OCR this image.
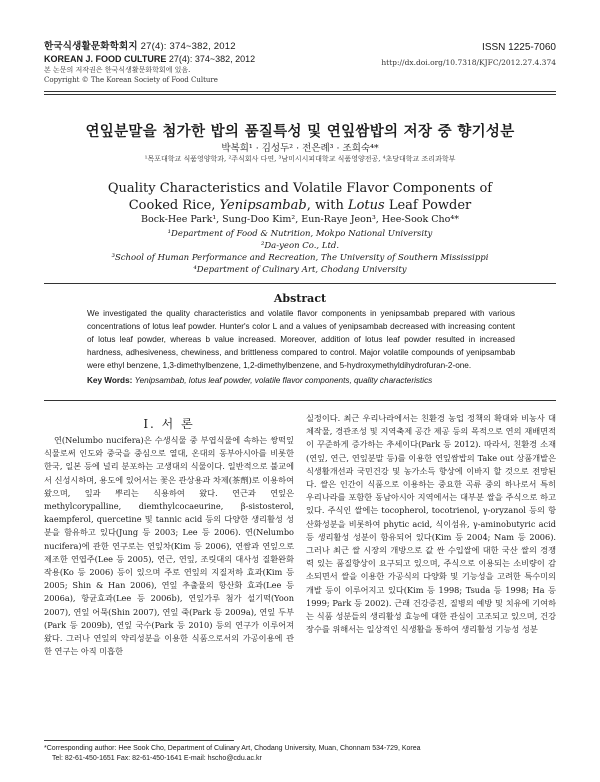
한국식생활문화학회지 27(4): 374~382, 2012
KOREAN J. FOOD CULTURE 27(4): 374~382, 2012
본 논문의 저작권은 한국식생활문화학회에 있음.
Copyright © The Korean Society of Food Culture
ISSN 1225-7060
http://dx.doi.org/10.7318/KJFC/2012.27.4.374
연잎분말을 첨가한 밥의 품질특성 및 연잎쌈밥의 저장 중 향기성분
박복희¹ · 김성두² · 전은례³ · 조희숙⁴*
¹목포대학교 식품영양학과, ²주식회사 다연, ³남미시시피대학교 식품영양전공, ⁴초당대학교 조리과학부
Quality Characteristics and Volatile Flavor Components of
Cooked Rice, Yenipsambab, with Lotus Leaf Powder
Bock-Hee Park¹, Sung-Doo Kim², Eun-Raye Jeon³, Hee-Sook Cho⁴*
¹Department of Food & Nutrition, Mokpo National University
²Da-yeon Co., Ltd.
³School of Human Performance and Recreation, The University of Southern Mississippi
⁴Department of Culinary Art, Chodang University
Abstract
We investigated the quality characteristics and volatile flavor components in yenipsambab prepared with various concentrations of lotus leaf powder. Hunter's color L and a values of yenipsambab decreased with increasing content of lotus leaf powder, whereas b value increased. Moreover, addition of lotus leaf powder resulted in increased hardness, adhesiveness, chewiness, and brittleness compared to control. Major volatile compounds of yenipsambab were ethyl benzene, 1,3-dimethylbenzene, 1,2-dimethylbenzene, and 5-hydroxymethyldihydrofuran-2-one.
Key Words: Yenipsambab, lotus leaf powder, volatile flavor components, quality characteristics
I. 서 론
연(Nelumbo nucifera)은 수생식물 중 부엽식물에 속하는 쌍떡잎식물로써 인도와 중국을 중심으로 열대, 온대의 동부아시아를 비롯한 한국, 일본 등에 널리 분포하는 고생대의 식물이다. 일반적으로 불교에서 신성시하며, 용도에 있어서는 꽃은 관상용과 차제(茶劑)로 이용하여 왔으며, 잎과 뿌리는 식용하여 왔다. 연근과 연잎은 methylcorypalline, diemthylcocaeurine, β-sistosterol, kaempferol, quercetine 및 tannic acid 등의 다양한 생리활성 성분을 함유하고 있다(Jung 등 2003; Lee 등 2006). 연(Nelumbo nucifera)에 관한 연구로는 연잎차(Kim 등 2006), 연쌈과 연잎으로 제조한 연엽주(Lee 등 2005), 연근, 연잎, 조릿대의 대사성 질환완화 작용(Ko 등 2006) 등이 있으며 주로 연잎의 지질저하 효과(Kim 등 2005; Shin & Han 2006), 연잎 추출물의 항산화 효과(Lee 등 2006a), 항균효과(Lee 등 2006b), 연잎가루 첨가 설기떡(Yoon 2007), 연잎 어묵(Shin 2007), 연잎 죽(Park 등 2009a), 연잎 두부(Park 등 2009b), 연잎 국수(Park 등 2010) 등의 연구가 이루어져왔다. 그러나 연잎의 약리성분을 이용한 식품으로서의 가공이용에 관한 연구는 아직 미흡한
실정이다. 최근 우리나라에서는 친환경 농업 정책의 확대와 비농사 대체작물, 경관조성 및 지역축제 공간 제공 등의 목적으로 연의 재배면적이 꾸준하게 증가하는 추세이다(Park 등 2012). 따라서, 친환경 소재(연잎, 연근, 연잎분말 등)를 이용한 연잎쌈밥의 Take out 상품개발은 식생활개선과 국민건강 및 농가소득 향상에 이바지 할 것으로 전망된다. 쌀은 인간이 식품으로 이용하는 중요한 곡류 중의 하나로서 특히 우리나라를 포함한 동남아시아 지역에서는 대부분 쌀을 주식으로 하고 있다. 주식인 쌀에는 tocopherol, tocotrienol, γ-oryzanol 등의 항산화성분을 비롯하여 phytic acid, 식이섬유, γ-aminobutyric acid 등 생리활성 성분이 함유되어 있다(Kim 등 2004; Nam 등 2006). 그러나 최근 쌀 시장의 개방으로 값 싼 수입쌀에 대한 국산 쌀의 경쟁력 있는 품질향상이 요구되고 있으며, 주식으로 이용되는 소비량이 감소되면서 쌀을 이용한 가공식의 다양화 및 기능성을 고려한 특수미의 개발 등이 이루어지고 있다(Kim 등 1998; Tsuda 등 1998; Ha 등 1999; Park 등 2002). 근래 건강증진, 질병의 예방 및 치유에 기여하는 식품 성분들의 생리활성 효능에 대한 관심이 고조되고 있으며, 건강 장수를 위해서는 일상적인 식생활을 통하여 생리활성 기능성 성분
*Corresponding author: Hee Sook Cho, Department of Culinary Art, Chodang University, Muan, Chonnam 534-729, Korea
Tel: 82-61-450-1651 Fax: 82-61-450-1641 E-mail: hscho@cdu.ac.kr
